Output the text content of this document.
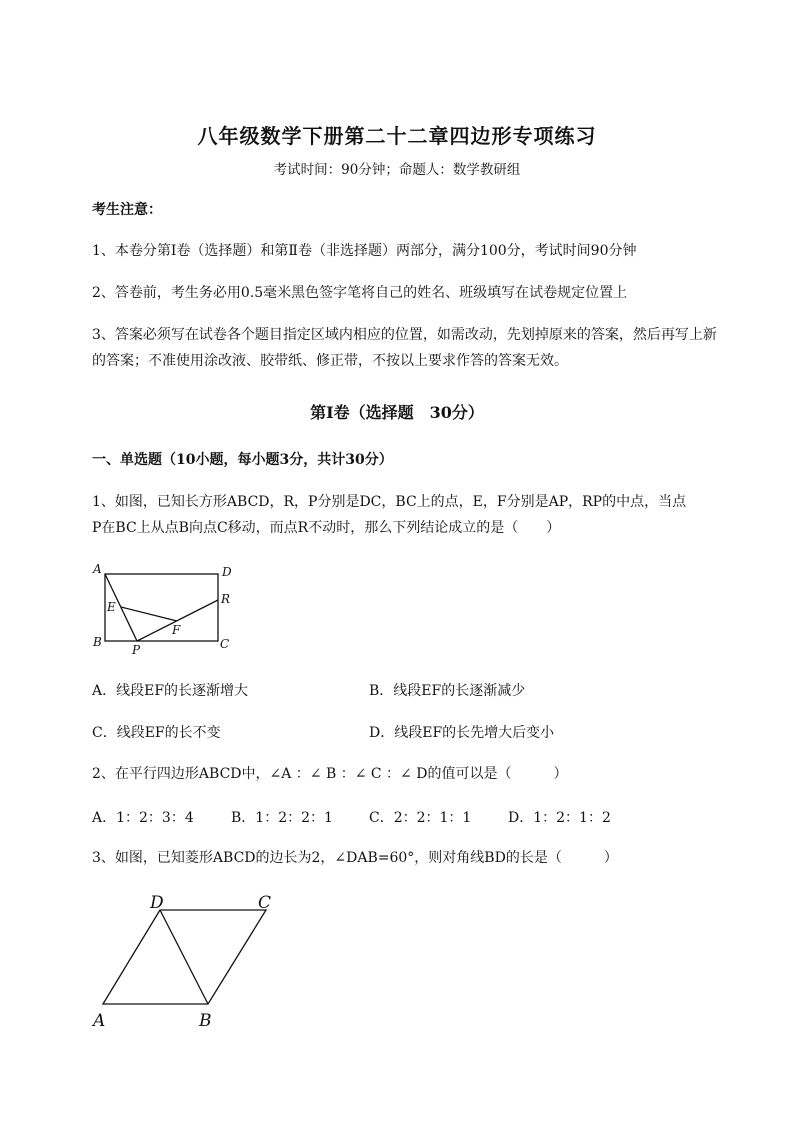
八年级数学下册第二十二章四边形专项练习
考试时间：90分钟；命题人：数学教研组
考生注意：
1、本卷分第Ⅰ卷（选择题）和第Ⅱ卷（非选择题）两部分，满分100分，考试时间90分钟
2、答卷前，考生务必用0.5毫米黑色签字笔将自己的姓名、班级填写在试卷规定位置上
3、答案必须写在试卷各个题目指定区域内相应的位置，如需改动，先划掉原来的答案，然后再写上新
的答案；不准使用涂改液、胶带纸、修正带，不按以上要求作答的答案无效。
第Ⅰ卷（选择题　30分）
一、单选题（10小题，每小题3分，共计30分）
1、如图，已知长方形ABCD，R，P分别是DC，BC上的点，E，F分别是AP，RP的中点，当点
P在BC上从点B向点C移动，而点R不动时，那么下列结论成立的是（　　）
A	D
B	C
E
F
P
R
A．线段EF的长逐渐增大	B．线段EF的长逐渐减少
C．线段EF的长不变	D．线段EF的长先增大后变小
2、在平行四边形ABCD中，∠A ：∠ B ：∠ C ：∠ D的值可以是（　　　）
A．1：2：3：4	B．1：2：2：1	C．2：2：1：1	D．1：2：1：2
3、如图，已知菱形ABCD的边长为2，∠DAB=60°，则对角线BD的长是（　　　）
D	C
A	B
